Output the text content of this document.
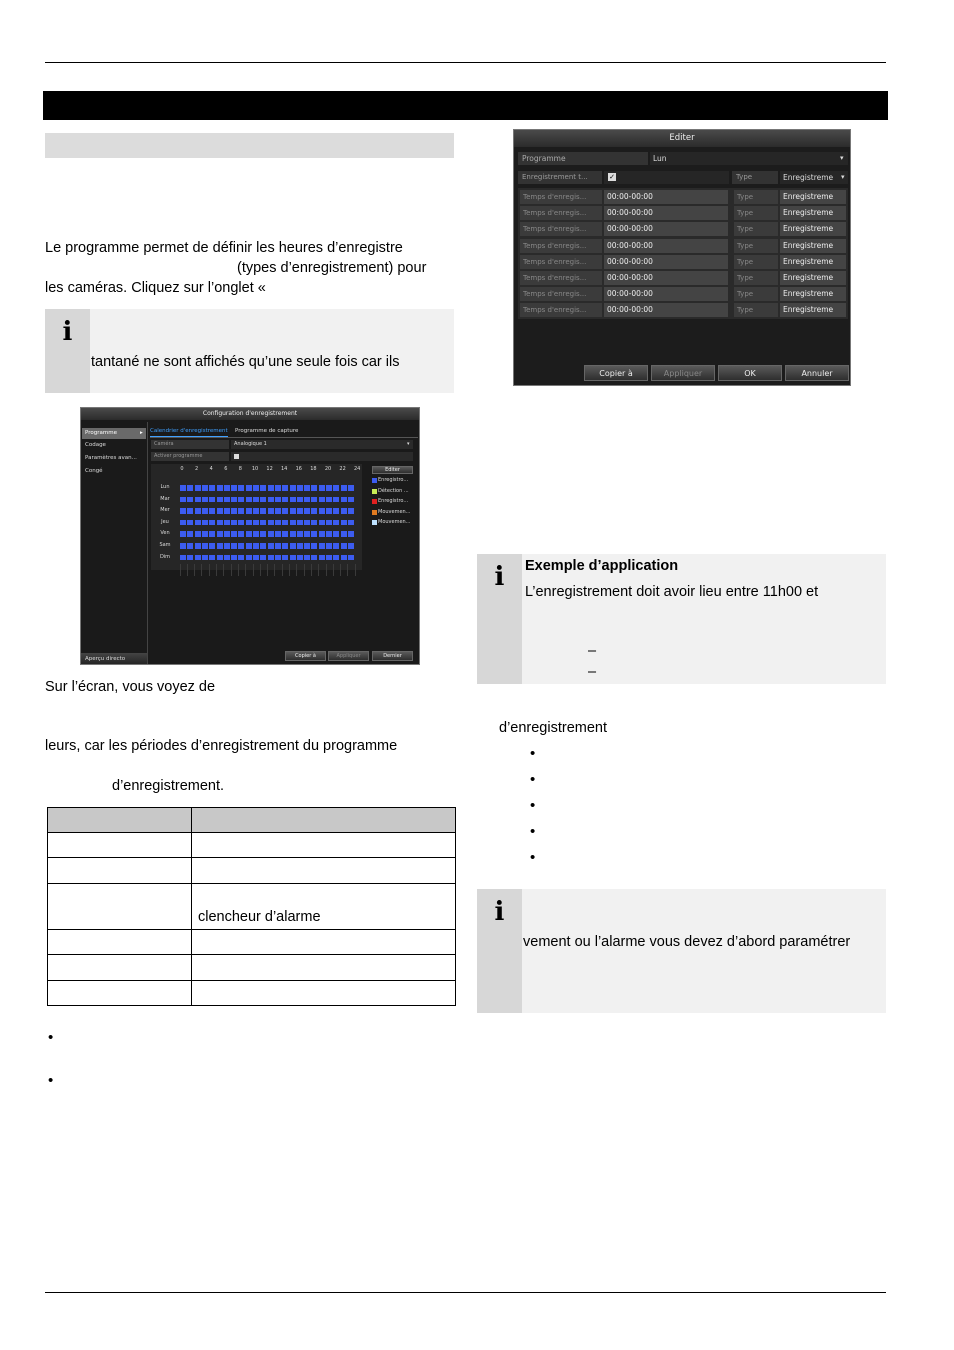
Le programme permet de définir les heures d’enregistre
(types d’enregistrement) pour
les caméras. Cliquez sur l’onglet «
i
tantané ne sont affichés qu’une seule fois car ils
Configuration d'enregistrement
Programme	▸
Codage
Paramètres avan...
Congé
Aperçu directo
Calendrier d'enregistrement Programme de capture
Caméra	Analogique 1	▾
Activer programme
0	2	4	6	8	10	12	14	16	18	20	22	24
Lun
Mar
Mer
Jeu
Ven
Sam
Dim
Editer
Enregistro...
Détection ...
Enregistro...
Mouvemen...
Mouvemen...
Copier à	Appliquer	Dernier
Sur l’écran, vous voyez de
leurs, car les périodes d’enregistrement du programme
d’enregistrement.

	clencheur d’alarme

•
•
Editer
Programme	Lun	▾
Enregistrement t...	✓	Type	Enregistreme	▾
Temps d'enregis...	00:00-00:00	Type	Enregistreme
Temps d'enregis...	00:00-00:00	Type	Enregistreme
Temps d'enregis...	00:00-00:00	Type	Enregistreme
Temps d'enregis...	00:00-00:00	Type	Enregistreme
Temps d'enregis...	00:00-00:00	Type	Enregistreme
Temps d'enregis...	00:00-00:00	Type	Enregistreme
Temps d'enregis...	00:00-00:00	Type	Enregistreme
Temps d'enregis...	00:00-00:00	Type	Enregistreme
Copier à	Appliquer	OK	Annuler
i	Exemple d’application
L’enregistrement doit avoir lieu entre 11h00 et
–
–
d’enregistrement
•
•
•
•
•
i
vement ou l’alarme vous devez d’abord paramétrer
